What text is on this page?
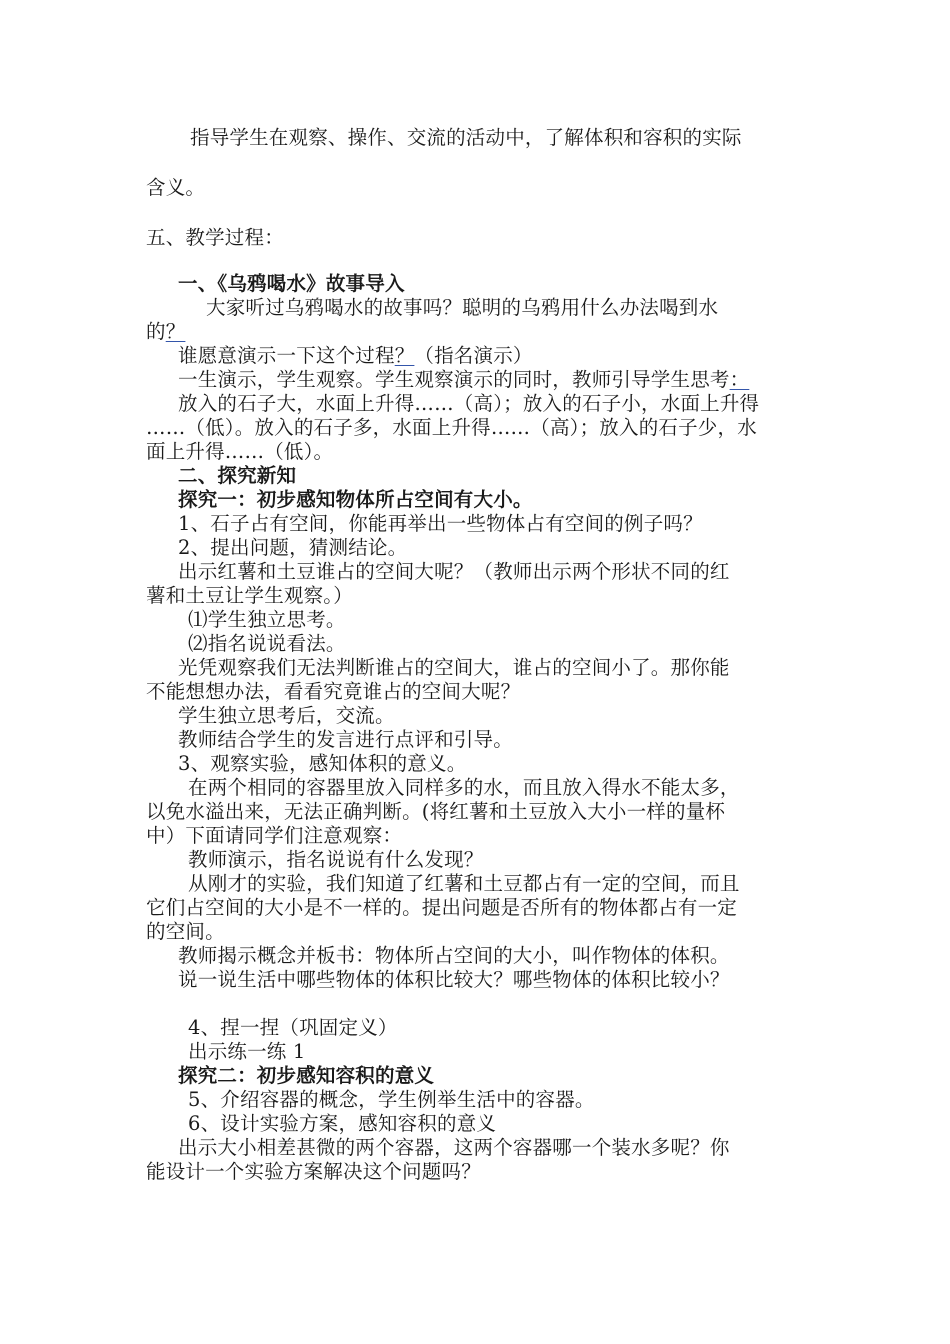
指导学生在观察、操作、交流的活动中，了解体积和容积的实际
含义。
五、教学过程：
一、《乌鸦喝水》故事导入
大家听过乌鸦喝水的故事吗？聪明的乌鸦用什么办法喝到水
的？
谁愿意演示一下这个过程？（指名演示）
一生演示，学生观察。学生观察演示的同时，教师引导学生思考：
放入的石子大，水面上升得……（高）；放入的石子小，水面上升得
……（低）。放入的石子多，水面上升得……（高）；放入的石子少，水
面上升得……（低）。
二、探究新知
探究一：初步感知物体所占空间有大小。
1、石子占有空间，你能再举出一些物体占有空间的例子吗？
2、提出问题，猜测结论。
出示红薯和土豆谁占的空间大呢？（教师出示两个形状不同的红
薯和土豆让学生观察。）
⑴学生独立思考。
⑵指名说说看法。
光凭观察我们无法判断谁占的空间大，谁占的空间小了。那你能
不能想想办法，看看究竟谁占的空间大呢？
学生独立思考后，交流。
教师结合学生的发言进行点评和引导。
3、观察实验，感知体积的意义。
在两个相同的容器里放入同样多的水，而且放入得水不能太多，
以免水溢出来，无法正确判断。(将红薯和土豆放入大小一样的量杯
中）下面请同学们注意观察：
教师演示，指名说说有什么发现？
从刚才的实验，我们知道了红薯和土豆都占有一定的空间，而且
它们占空间的大小是不一样的。提出问题是否所有的物体都占有一定
的空间。
教师揭示概念并板书：物体所占空间的大小，叫作物体的体积。
说一说生活中哪些物体的体积比较大？哪些物体的体积比较小？
4、捏一捏（巩固定义）
出示练一练 1
探究二：初步感知容积的意义
5、介绍容器的概念，学生例举生活中的容器。
6、设计实验方案，感知容积的意义
出示大小相差甚微的两个容器，这两个容器哪一个装水多呢？你
能设计一个实验方案解决这个问题吗？
